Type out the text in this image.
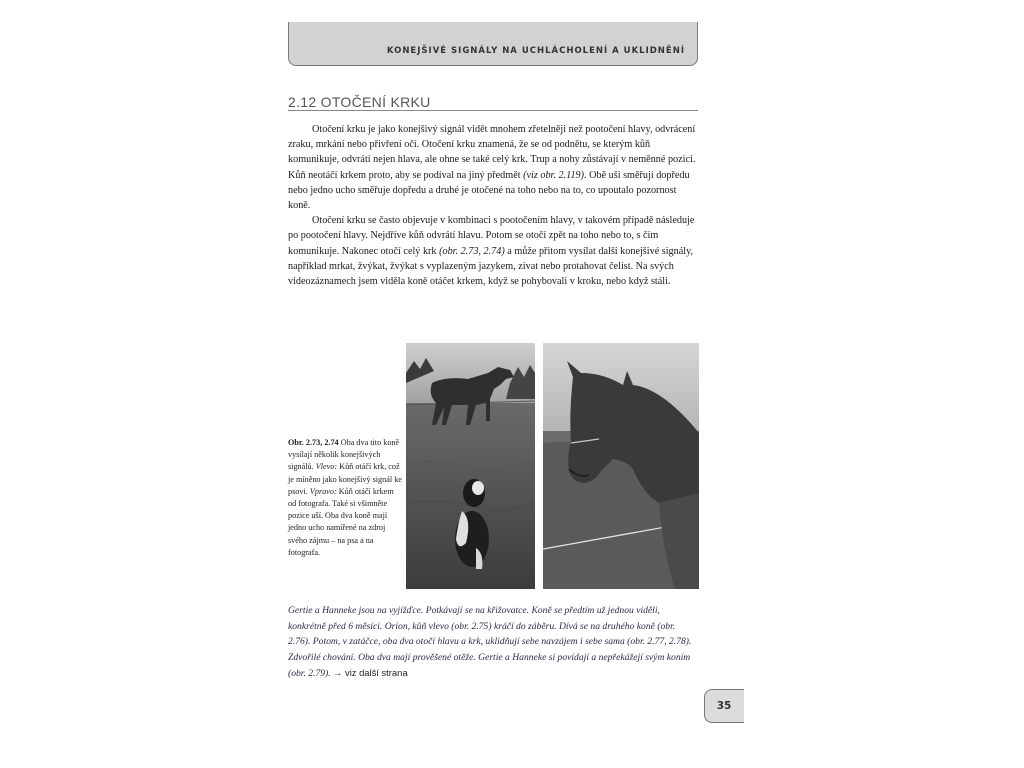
KONEJŠIVÉ SIGNÁLY NA UCHLÁCHOLENÍ A UKLIDNĚNÍ
2.12 OTOČENÍ KRKU

Otočení krku je jako konejšivý signál vidět mnohem zřetelněji než pootočení hlavy, odvrácení zraku, mrkání nebo přivření očí. Otočení krku znamená, že se od podnětu, se kterým kůň komunikuje, odvrátí nejen hlava, ale ohne se také celý krk. Trup a nohy zůstávají v neměnné pozici. Kůň neotáčí krkem proto, aby se podíval na jiný předmět (viz obr. 2.119). Obě uši směřují dopředu nebo jedno ucho směřuje dopředu a druhé je otočené na toho nebo na to, co upoutalo pozornost koně.

Otočení krku se často objevuje v kombinaci s pootočením hlavy, v takovém případě následuje po pootočení hlavy. Nejdříve kůň odvrátí hlavu. Potom se otočí zpět na toho nebo to, s čím komunikuje. Nakonec otočí celý krk (obr. 2.73, 2.74) a může přitom vysílat další konejšivé signály, například mrkat, žvýkat, žvýkat s vyplazeným jazykem, zívat nebo protahovat čelist. Na svých videozáznamech jsem viděla koně otáčet krkem, když se pohybovali v kroku, nebo když stáli.

Obr. 2.73, 2.74 Oba dva tito koně vysílají několik konejšivých signálů. Vlevo: Kůň otáčí krk, což je míněno jako konejšivý signál ke psovi. Vpravo: Kůň otáčí krkem od fotografa. Také si všimněte pozice uší. Oba dva koně mají jedno ucho namířené na zdroj svého zájmu – na psa a na fotografa.
Gertie a Hanneke jsou na vyjížďce. Potkávají se na křižovatce. Koně se předtím už jednou viděli, konkrétně před 6 měsíci. Orion, kůň vlevo (obr. 2.75) kráčí do záběru. Dívá se na druhého koně (obr. 2.76). Potom, v zatáčce, oba dva otočí hlavu a krk, uklidňují sebe navzájem i sebe sama (obr. 2.77, 2.78). Zdvořilé chování. Oba dva mají prověšené otěže. Gertie a Hanneke si povídají a nepřekážejí svým koním (obr. 2.79). → viz další strana
35
